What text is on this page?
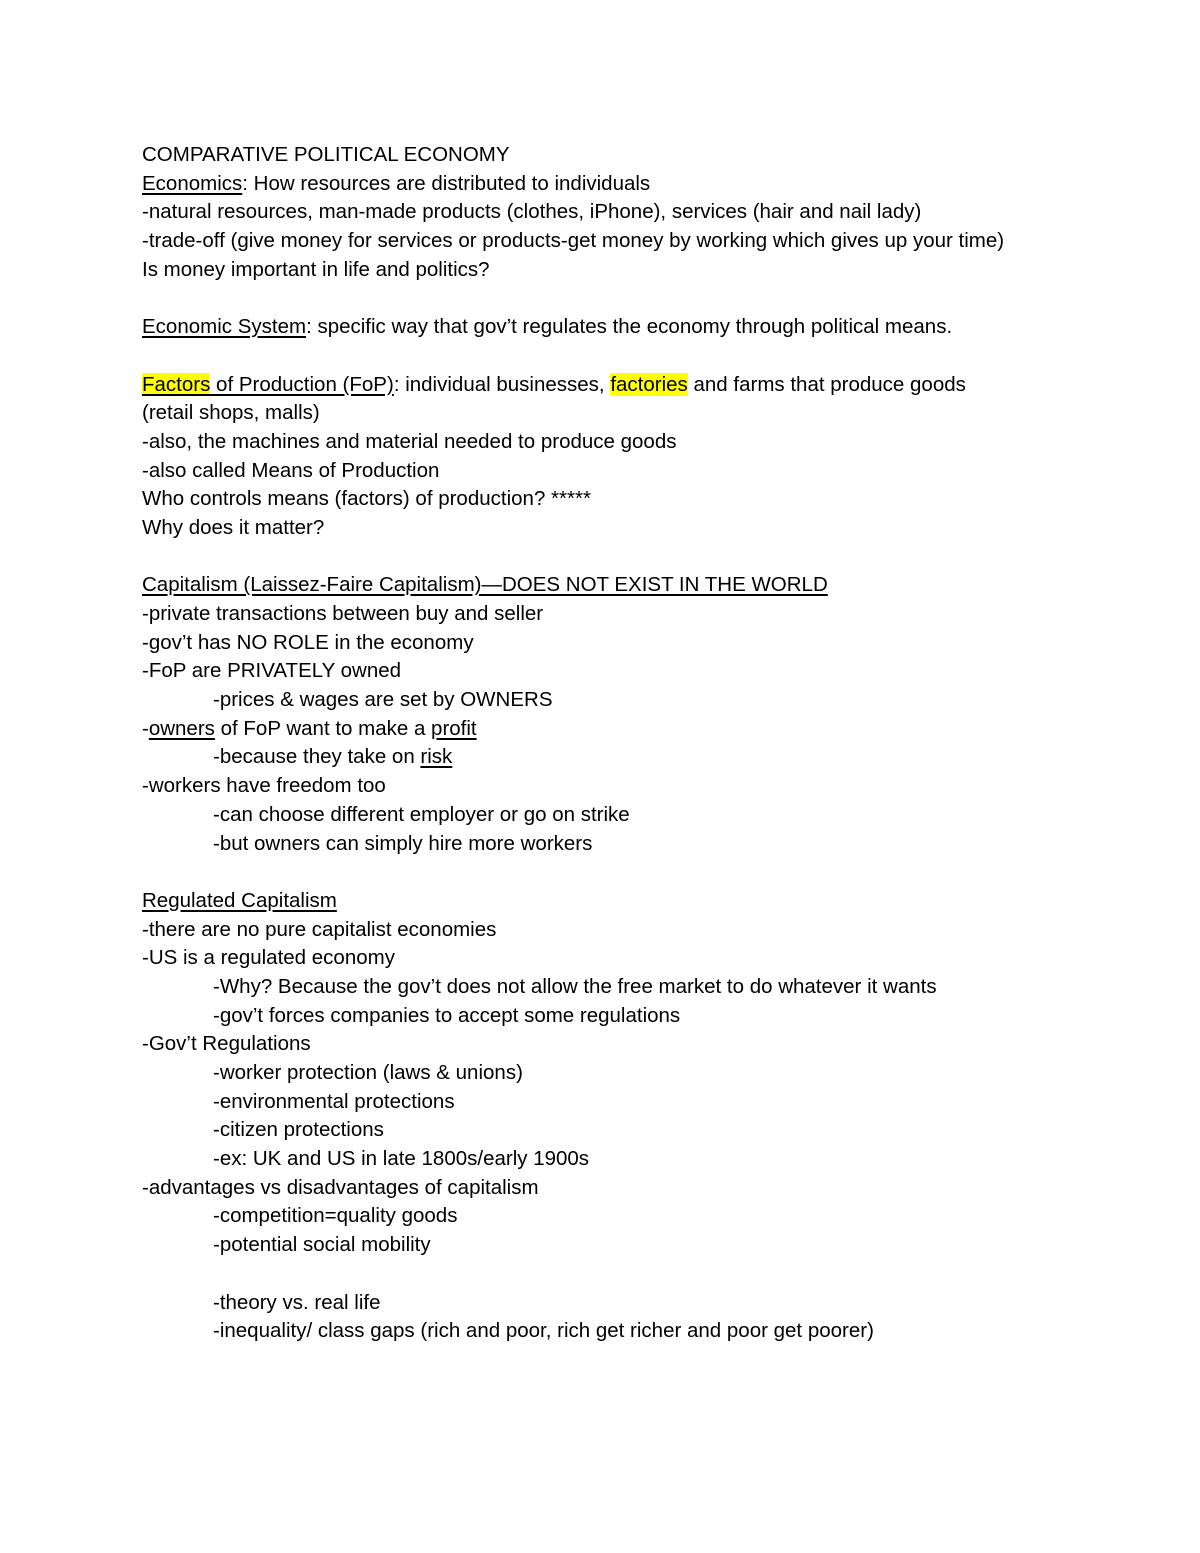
COMPARATIVE POLITICAL ECONOMY
Economics: How resources are distributed to individuals
-natural resources, man-made products (clothes, iPhone), services (hair and nail lady)
-trade-off (give money for services or products-get money by working which gives up your time)
Is money important in life and politics?
Economic System: specific way that gov’t regulates the economy through political means.
Factors of Production (FoP): individual businesses, factories and farms that produce goods
(retail shops, malls)
-also, the machines and material needed to produce goods
-also called Means of Production
Who controls means (factors) of production? *****
Why does it matter?
Capitalism (Laissez-Faire Capitalism)—DOES NOT EXIST IN THE WORLD
-private transactions between buy and seller
-gov’t has NO ROLE in the economy
-FoP are PRIVATELY owned
-prices & wages are set by OWNERS
-owners of FoP want to make a profit
-because they take on risk
-workers have freedom too
-can choose different employer or go on strike
-but owners can simply hire more workers
Regulated Capitalism
-there are no pure capitalist economies
-US is a regulated economy
-Why? Because the gov’t does not allow the free market to do whatever it wants
-gov’t forces companies to accept some regulations
-Gov’t Regulations
-worker protection (laws & unions)
-environmental protections
-citizen protections
-ex: UK and US in late 1800s/early 1900s
-advantages vs disadvantages of capitalism
-competition=quality goods
-potential social mobility
-theory vs. real life
-inequality/ class gaps (rich and poor, rich get richer and poor get poorer)
